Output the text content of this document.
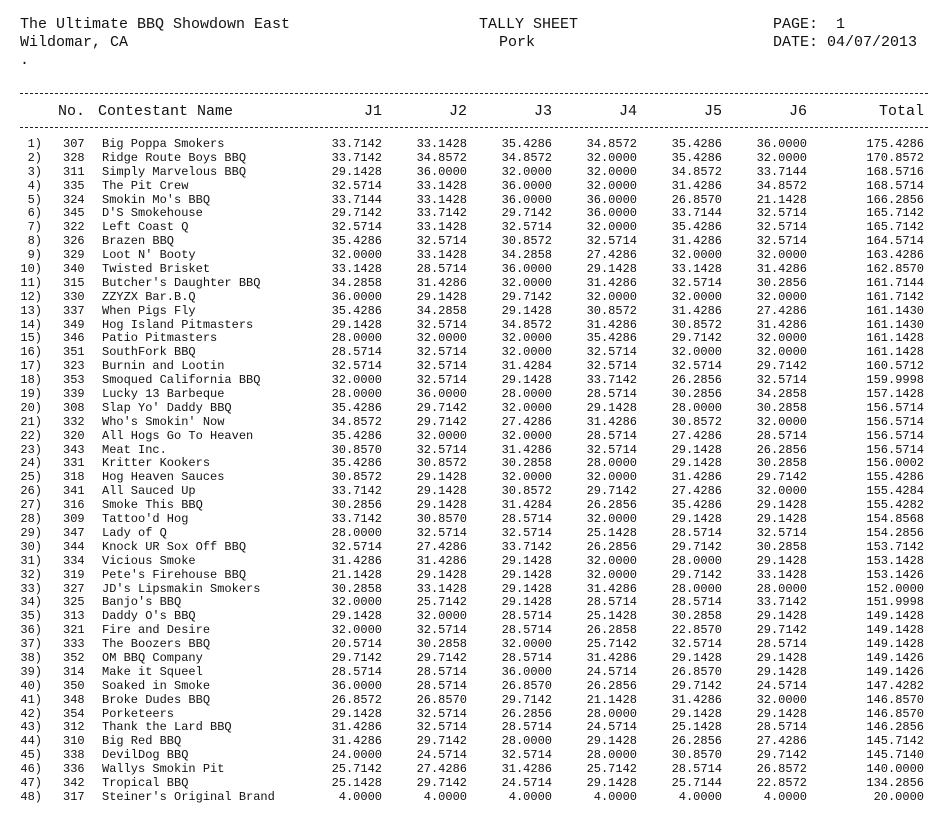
The Ultimate BBQ Showdown East
Wildomar, CA
.
TALLY SHEET
Pork
PAGE:  1
DATE: 04/07/2013
No. Contestant Name	J1	J2	J3	J4	J5	J6	Total
1) 307 Big Poppa Smokers	33.7142	33.1428	35.4286	34.8572	35.4286	36.0000	175.4286
2) 328 Ridge Route Boys BBQ	33.7142	34.8572	34.8572	32.0000	35.4286	32.0000	170.8572
3) 311 Simply Marvelous BBQ	29.1428	36.0000	32.0000	32.0000	34.8572	33.7144	168.5716
4) 335 The Pit Crew	32.5714	33.1428	36.0000	32.0000	31.4286	34.8572	168.5714
5) 324 Smokin Mo's BBQ	33.7144	33.1428	36.0000	36.0000	26.8570	21.1428	166.2856
6) 345 D'S Smokehouse	29.7142	33.7142	29.7142	36.0000	33.7144	32.5714	165.7142
7) 322 Left Coast Q	32.5714	33.1428	32.5714	32.0000	35.4286	32.5714	165.7142
8) 326 Brazen BBQ	35.4286	32.5714	30.8572	32.5714	31.4286	32.5714	164.5714
9) 329 Loot N' Booty	32.0000	33.1428	34.2858	27.4286	32.0000	32.0000	163.4286
10) 340 Twisted Brisket	33.1428	28.5714	36.0000	29.1428	33.1428	31.4286	162.8570
11) 315 Butcher's Daughter BBQ	34.2858	31.4286	32.0000	31.4286	32.5714	30.2856	161.7144
12) 330 ZZYZX Bar.B.Q	36.0000	29.1428	29.7142	32.0000	32.0000	32.0000	161.7142
13) 337 When Pigs Fly	35.4286	34.2858	29.1428	30.8572	31.4286	27.4286	161.1430
14) 349 Hog Island Pitmasters	29.1428	32.5714	34.8572	31.4286	30.8572	31.4286	161.1430
15) 346 Patio Pitmasters	28.0000	32.0000	32.0000	35.4286	29.7142	32.0000	161.1428
16) 351 SouthFork BBQ	28.5714	32.5714	32.0000	32.5714	32.0000	32.0000	161.1428
17) 323 Burnin and Lootin	32.5714	32.5714	31.4284	32.5714	32.5714	29.7142	160.5712
18) 353 Smoqued California BBQ	32.0000	32.5714	29.1428	33.7142	26.2856	32.5714	159.9998
19) 339 Lucky 13 Barbeque	28.0000	36.0000	28.0000	28.5714	30.2856	34.2858	157.1428
20) 308 Slap Yo' Daddy BBQ	35.4286	29.7142	32.0000	29.1428	28.0000	30.2858	156.5714
21) 332 Who's Smokin' Now	34.8572	29.7142	27.4286	31.4286	30.8572	32.0000	156.5714
22) 320 All Hogs Go To Heaven	35.4286	32.0000	32.0000	28.5714	27.4286	28.5714	156.5714
23) 343 Meat Inc.	30.8570	32.5714	31.4286	32.5714	29.1428	26.2856	156.5714
24) 331 Kritter Kookers	35.4286	30.8572	30.2858	28.0000	29.1428	30.2858	156.0002
25) 318 Hog Heaven Sauces	30.8572	29.1428	32.0000	32.0000	31.4286	29.7142	155.4286
26) 341 All Sauced Up	33.7142	29.1428	30.8572	29.7142	27.4286	32.0000	155.4284
27) 316 Smoke This BBQ	30.2856	29.1428	31.4284	26.2856	35.4286	29.1428	155.4282
28) 309 Tattoo'd Hog	33.7142	30.8570	28.5714	32.0000	29.1428	29.1428	154.8568
29) 347 Lady of Q	28.0000	32.5714	32.5714	25.1428	28.5714	32.5714	154.2856
30) 344 Knock UR Sox Off BBQ	32.5714	27.4286	33.7142	26.2856	29.7142	30.2858	153.7142
31) 334 Vicious Smoke	31.4286	31.4286	29.1428	32.0000	28.0000	29.1428	153.1428
32) 319 Pete's Firehouse BBQ	21.1428	29.1428	29.1428	32.0000	29.7142	33.1428	153.1426
33) 327 JD's Lipsmakin Smokers	30.2858	33.1428	29.1428	31.4286	28.0000	28.0000	152.0000
34) 325 Banjo's BBQ	32.0000	25.7142	29.1428	28.5714	28.5714	33.7142	151.9998
35) 313 Daddy O's BBQ	29.1428	32.0000	28.5714	25.1428	30.2858	29.1428	149.1428
36) 321 Fire and Desire	32.0000	32.5714	28.5714	26.2858	22.8570	29.7142	149.1428
37) 333 The Boozers BBQ	20.5714	30.2858	32.0000	25.7142	32.5714	28.5714	149.1428
38) 352 OM BBQ Company	29.7142	29.7142	28.5714	31.4286	29.1428	29.1428	149.1426
39) 314 Make it Squeel	28.5714	28.5714	36.0000	24.5714	26.8570	29.1428	149.1426
40) 350 Soaked in Smoke	36.0000	28.5714	26.8570	26.2856	29.7142	24.5714	147.4282
41) 348 Broke Dudes BBQ	26.8572	26.8570	29.7142	21.1428	31.4286	32.0000	146.8570
42) 354 Porketeers	29.1428	32.5714	26.2856	28.0000	29.1428	29.1428	146.8570
43) 312 Thank the Lard BBQ	31.4286	32.5714	28.5714	24.5714	25.1428	28.5714	146.2856
44) 310 Big Red BBQ	31.4286	29.7142	28.0000	29.1428	26.2856	27.4286	145.7142
45) 338 DevilDog BBQ	24.0000	24.5714	32.5714	28.0000	30.8570	29.7142	145.7140
46) 336 Wallys Smokin Pit	25.7142	27.4286	31.4286	25.7142	28.5714	26.8572	140.0000
47) 342 Tropical BBQ	25.1428	29.7142	24.5714	29.1428	25.7144	22.8572	134.2856
48) 317 Steiner's Original Brand	4.0000	4.0000	4.0000	4.0000	4.0000	4.0000	20.0000
